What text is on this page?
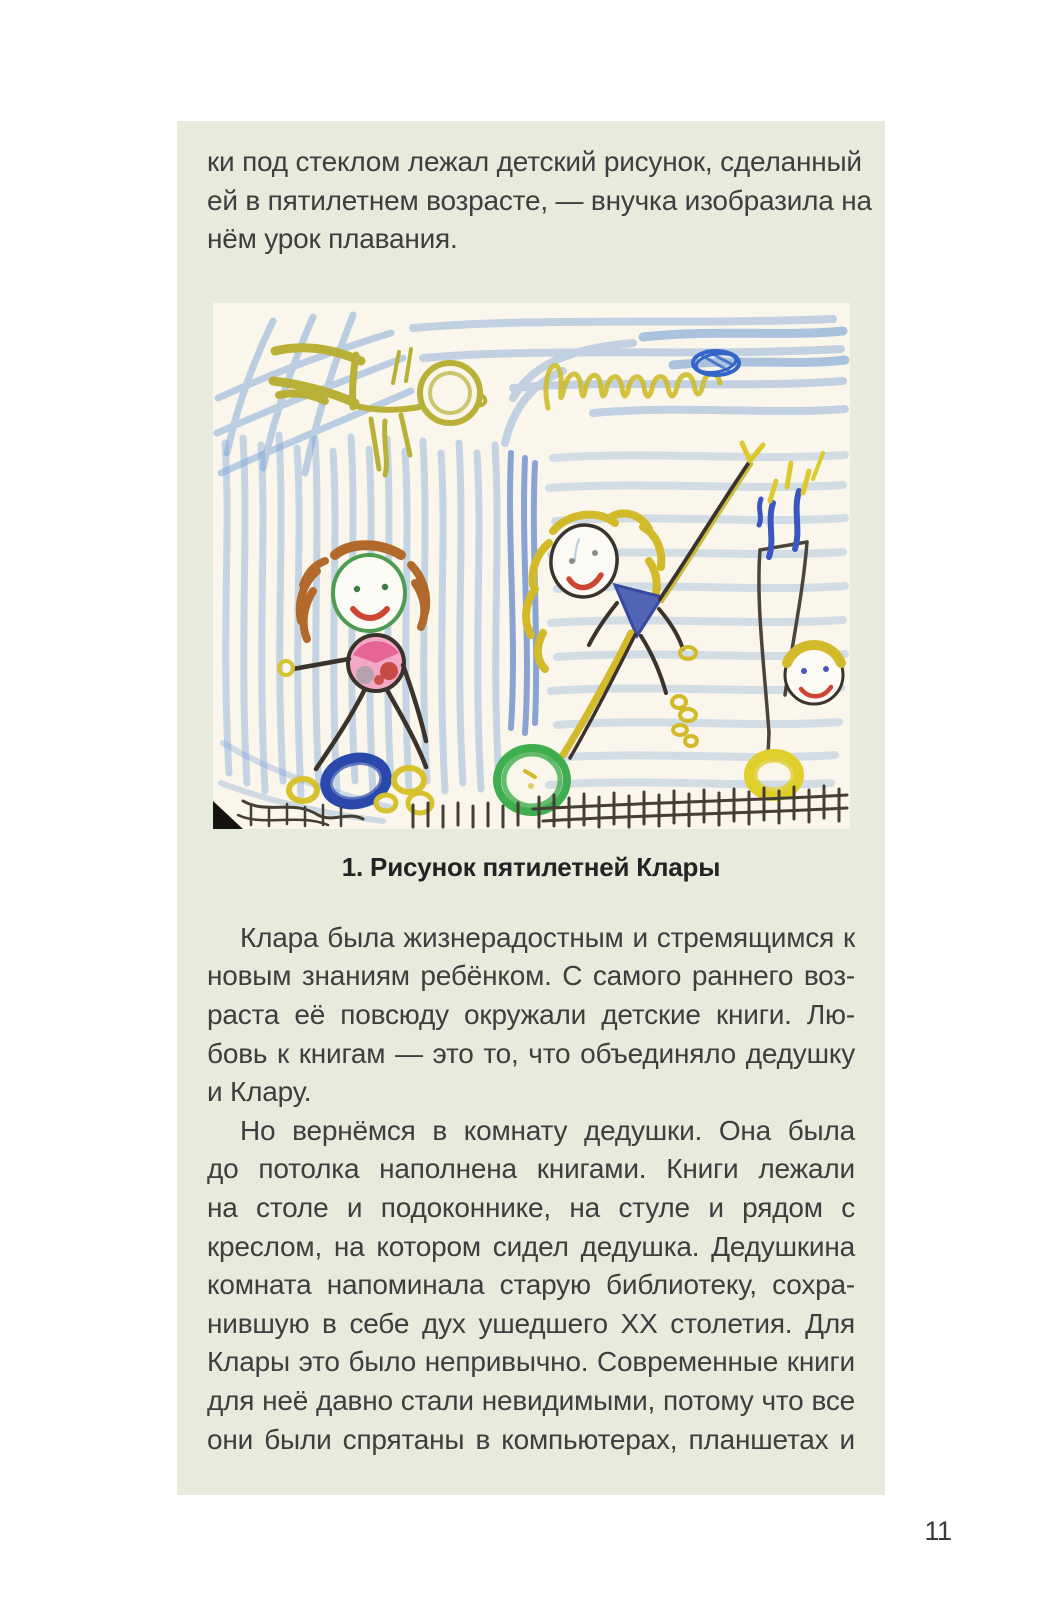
ки под стеклом лежал детский рисунок, сделанный
ей в пятилетнем возрасте, — внучка изобразила на
нём урок плавания.
1. Рисунок пятилетней Клары
Клара была жизнерадостным и стремящимся к
новым знаниям ребёнком. С самого раннего воз-
раста её повсюду окружали детские книги. Лю-
бовь к книгам — это то, что объединяло дедушку
и Клару.
Но вернёмся в комнату дедушки. Она была
до потолка наполнена книгами. Книги лежали
на столе и подоконнике, на стуле и рядом с
креслом, на котором сидел дедушка. Дедушкина
комната напоминала старую библиотеку, сохра-
нившую в себе дух ушедшего XX столетия. Для
Клары это было непривычно. Современные книги
для неё давно стали невидимыми, потому что все
они были спрятаны в компьютерах, планшетах и
11
